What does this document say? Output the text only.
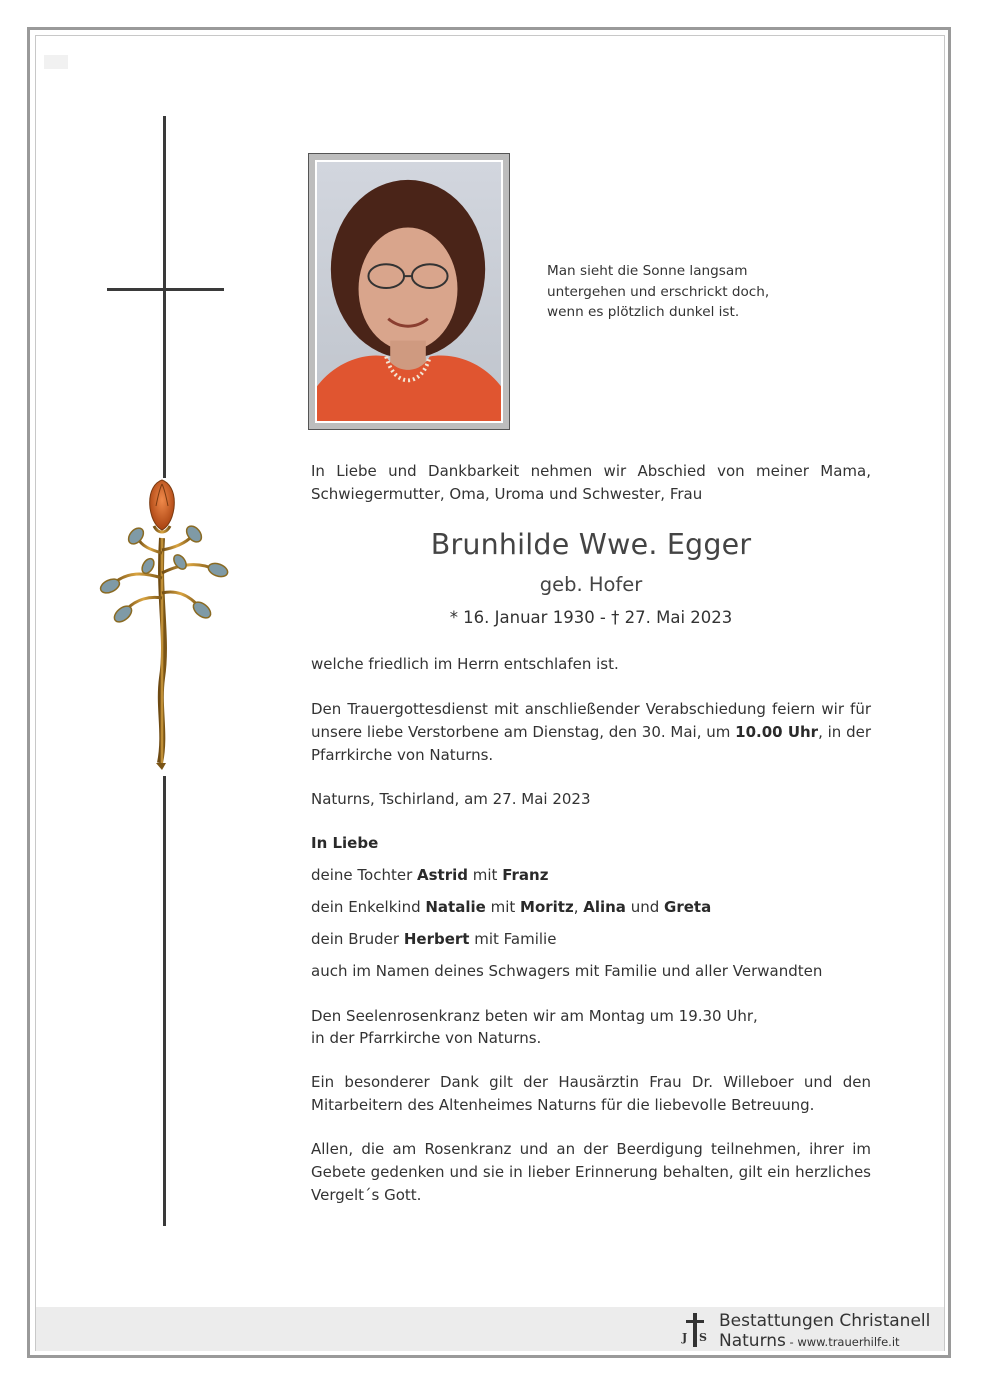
Man sieht die Sonne langsam
untergehen und erschrickt doch,
wenn es plötzlich dunkel ist.
In Liebe und Dankbarkeit nehmen wir Abschied von meiner Mama, Schwiegermutter, Oma, Uroma und Schwester, Frau
Brunhilde Wwe. Egger
geb. Hofer
* 16. Januar 1930 - † 27. Mai 2023
welche friedlich im Herrn entschlafen ist.
Den Trauergottesdienst mit anschließender Verabschiedung feiern wir für unsere liebe Verstorbene am Dienstag, den 30. Mai, um 10.00 Uhr, in der Pfarrkirche von Naturns.
Naturns, Tschirland, am 27. Mai 2023
In Liebe
deine Tochter Astrid mit Franz
dein Enkelkind Natalie mit Moritz, Alina und Greta
dein Bruder Herbert mit Familie
auch im Namen deines Schwagers mit Familie und aller Verwandten
Den Seelenrosenkranz beten wir am Montag um 19.30 Uhr,
in der Pfarrkirche von Naturns.
Ein besonderer Dank gilt der Hausärztin Frau Dr. Willeboer und den Mitarbeitern des Altenheimes Naturns für die liebevolle Betreuung.
Allen, die am Rosenkranz und an der Beerdigung teilnehmen, ihrer im Gebete gedenken und sie in lieber Erinnerung behalten, gilt ein herzliches Vergelt´s Gott.
J S
Bestattungen Christanell
Naturns - www.trauerhilfe.it
